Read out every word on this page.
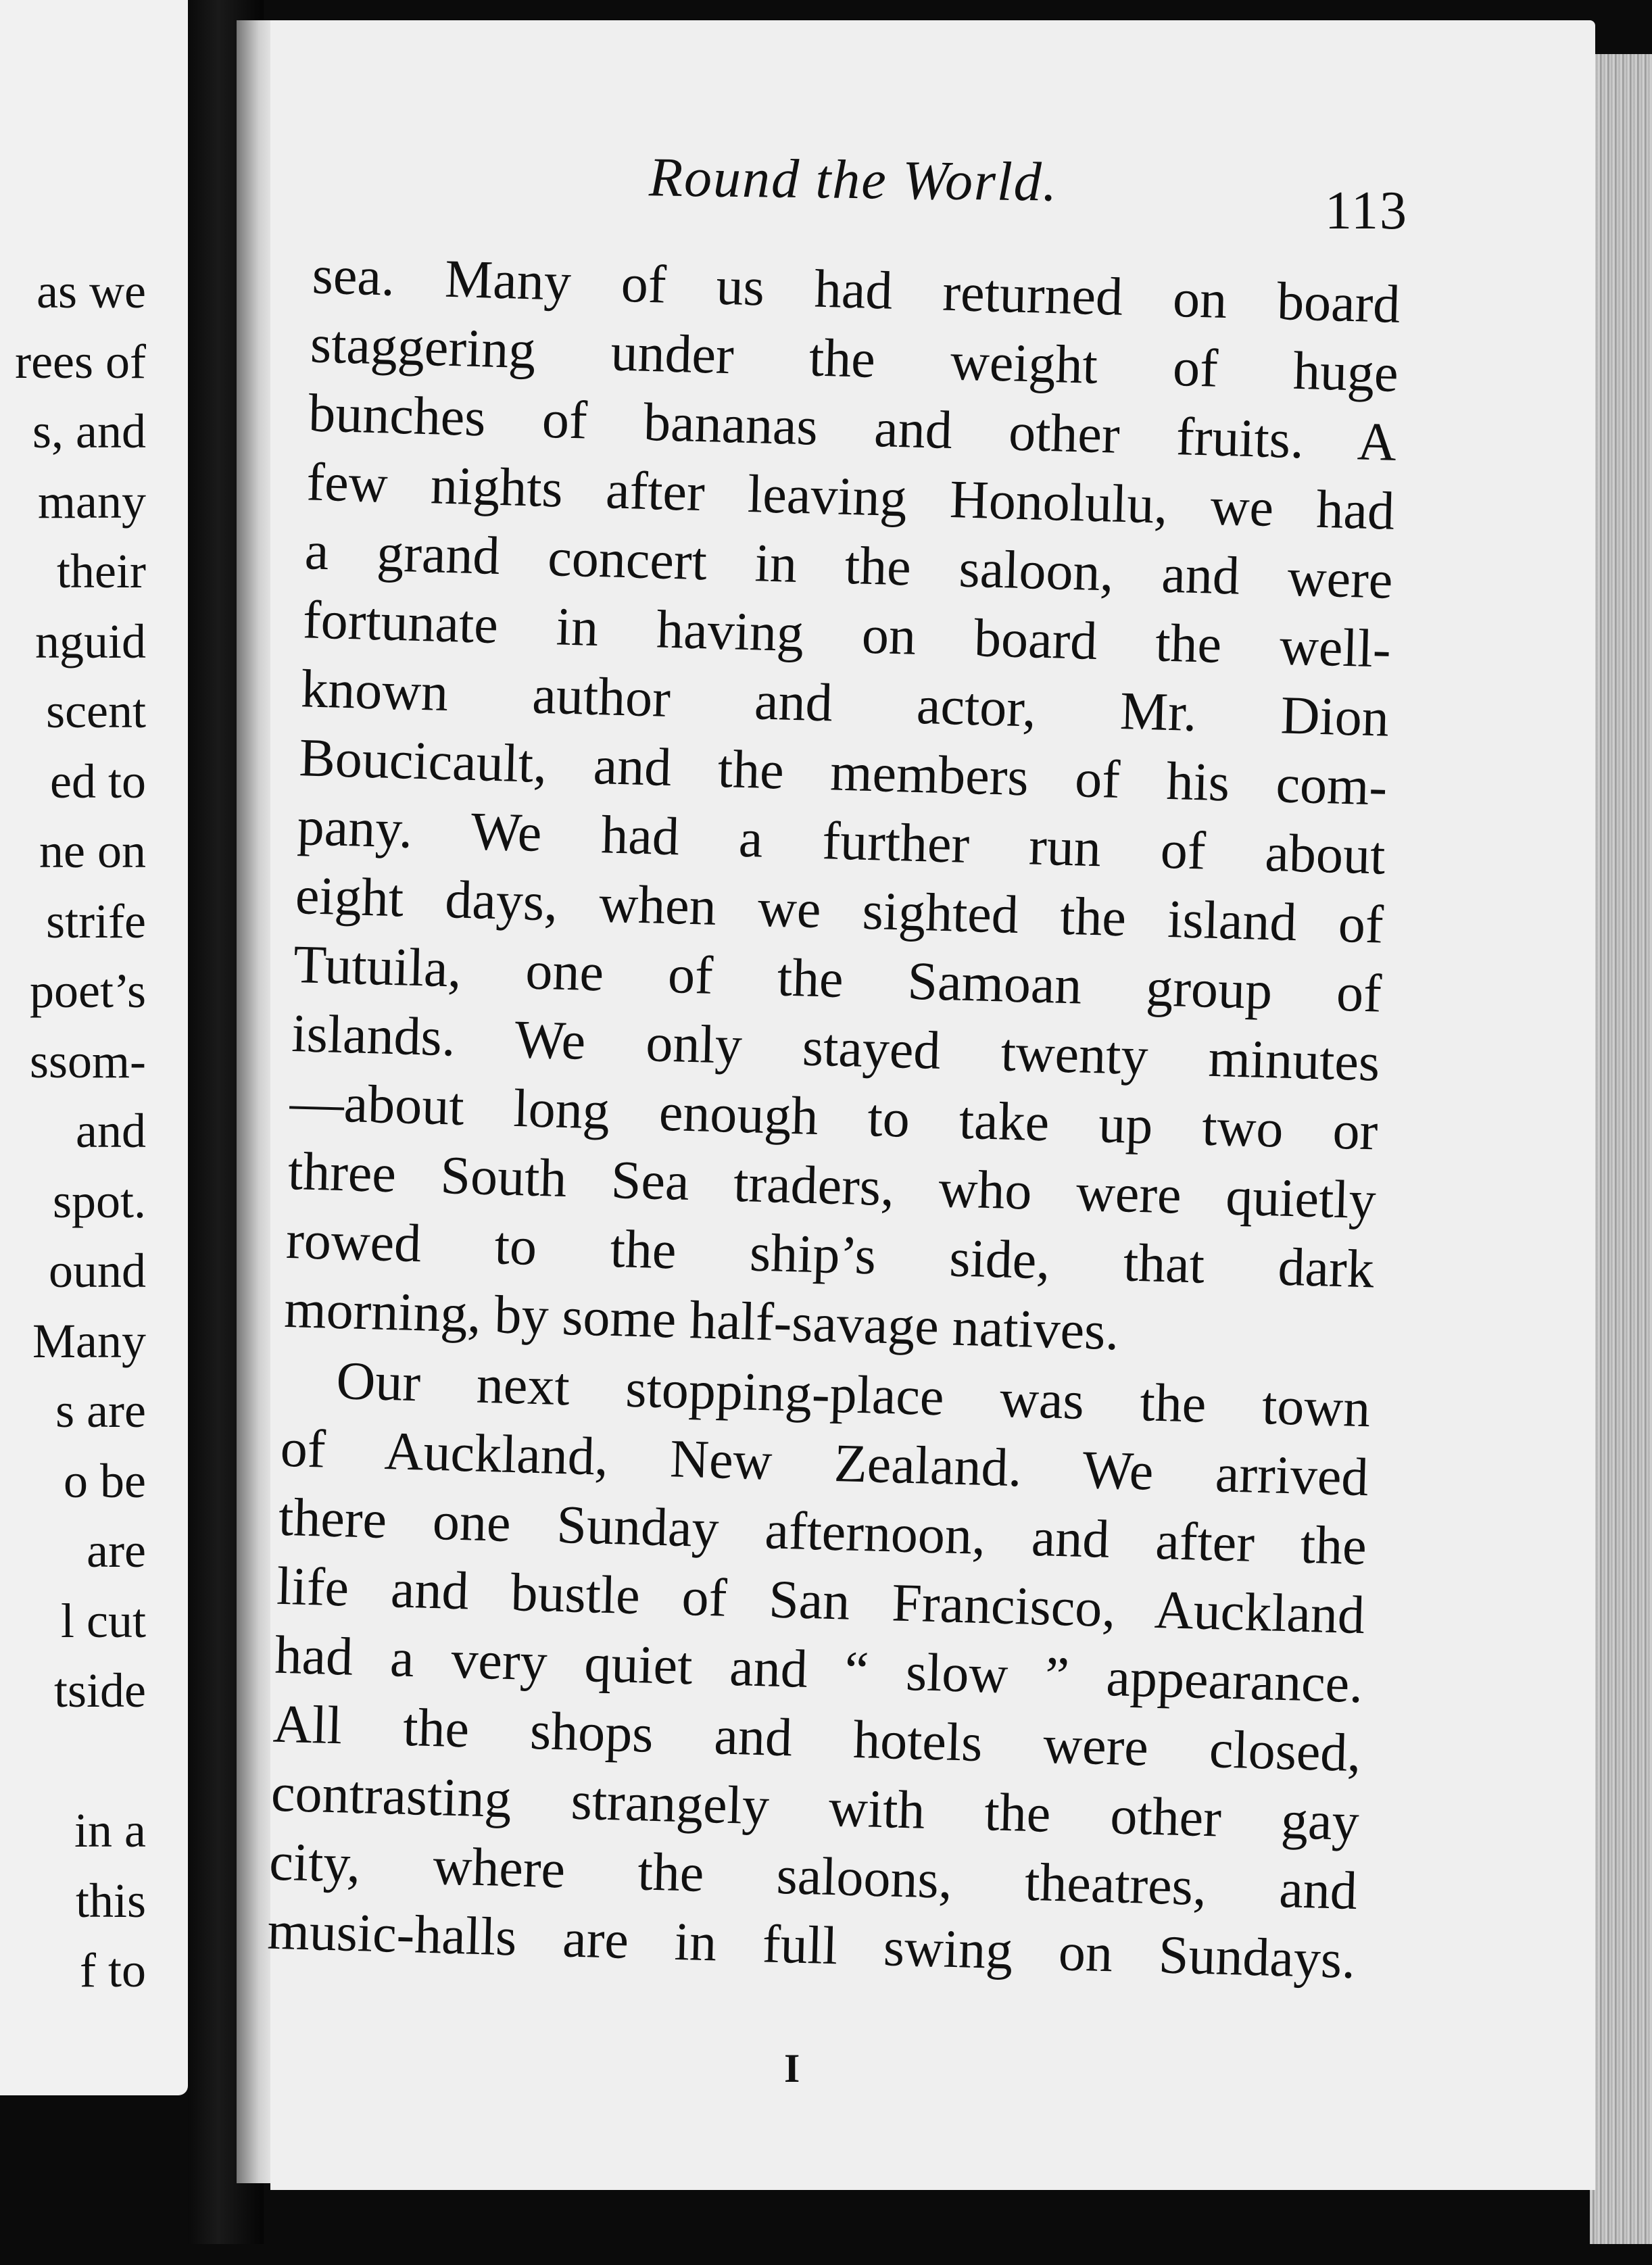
as we
rees of
s, and
many
their
nguid
scent
ed to
ne on
strife
poet’s
ssom-
and
spot.
ound
Many
s are
o be
are
l cut
tside
in a
this
f to
Round the World.	113
sea. Many of us had returned on board
staggering under the weight of huge
bunches of bananas and other fruits. A
few nights after leaving Honolulu, we had
a grand concert in the saloon, and were
fortunate in having on board the well-
known author and actor, Mr. Dion
Boucicault, and the members of his com-
pany. We had a further run of about
eight days, when we sighted the island of
Tutuila, one of the Samoan group of
islands. We only stayed twenty minutes
—about long enough to take up two or
three South Sea traders, who were quietly
rowed to the ship’s side, that dark
morning, by some half-savage natives.
Our next stopping-place was the town
of Auckland, New Zealand. We arrived
there one Sunday afternoon, and after the
life and bustle of San Francisco, Auckland
had a very quiet and “ slow ” appearance.
All the shops and hotels were closed,
contrasting strangely with the other gay
city, where the saloons, theatres, and
music-halls are in full swing on Sundays.
I
